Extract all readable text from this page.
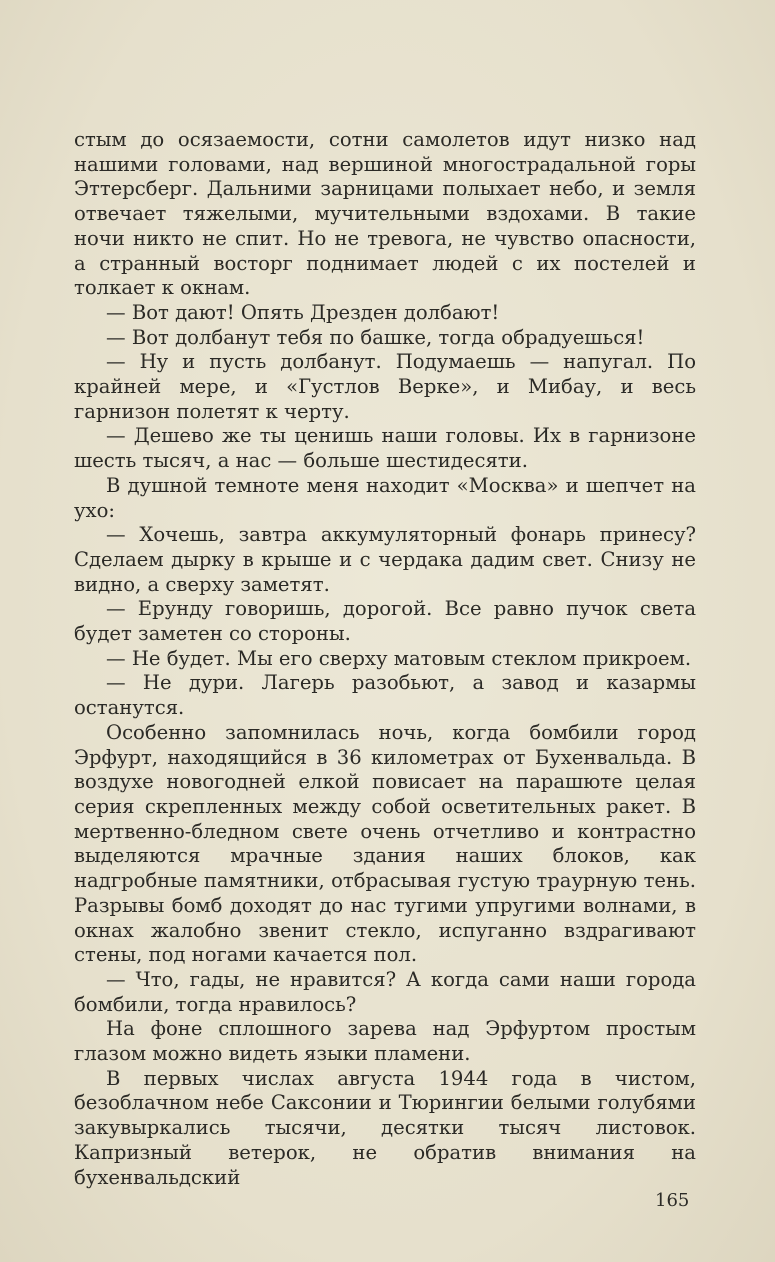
стым до осязаемости, сотни самолетов идут низко над нашими головами, над вершиной многострадальной горы Эттерсберг. Дальними зарницами полыхает небо, и земля отвечает тяжелыми, мучительными вздохами. В такие ночи никто не спит. Но не тревога, не чувство опасности, а странный восторг поднимает людей с их постелей и толкает к окнам.

— Вот дают! Опять Дрезден долбают!

— Вот долбанут тебя по башке, тогда обрадуешься!

— Ну и пусть долбанут. Подумаешь — напугал. По крайней мере, и «Густлов Верке», и Мибау, и весь гарнизон полетят к черту.

— Дешево же ты ценишь наши головы. Их в гарнизоне шесть тысяч, а нас — больше шестидесяти.

В душной темноте меня находит «Москва» и шепчет на ухо:

— Хочешь, завтра аккумуляторный фонарь принесу? Сделаем дырку в крыше и с чердака дадим свет. Снизу не видно, а сверху заметят.

— Ерунду говоришь, дорогой. Все равно пучок света будет заметен со стороны.

— Не будет. Мы его сверху матовым стеклом прикроем.

— Не дури. Лагерь разобьют, а завод и казармы останутся.

Особенно запомнилась ночь, когда бомбили город Эрфурт, находящийся в 36 километрах от Бухенвальда. В воздухе новогодней елкой повисает на парашюте целая серия скрепленных между собой осветительных ракет. В мертвенно-бледном свете очень отчетливо и контрастно выделяются мрачные здания наших блоков, как надгробные памятники, отбрасывая густую траурную тень. Разрывы бомб доходят до нас тугими упругими волнами, в окнах жалобно звенит стекло, испуганно вздрагивают стены, под ногами качается пол.

— Что, гады, не нравится? А когда сами наши города бомбили, тогда нравилось?

На фоне сплошного зарева над Эрфуртом простым глазом можно видеть языки пламени.

В первых числах августа 1944 года в чистом, безоблачном небе Саксонии и Тюрингии белыми голубями закувыркались тысячи, десятки тысяч листовок. Капризный ветерок, не обратив внимания на бухенвальдский

165
